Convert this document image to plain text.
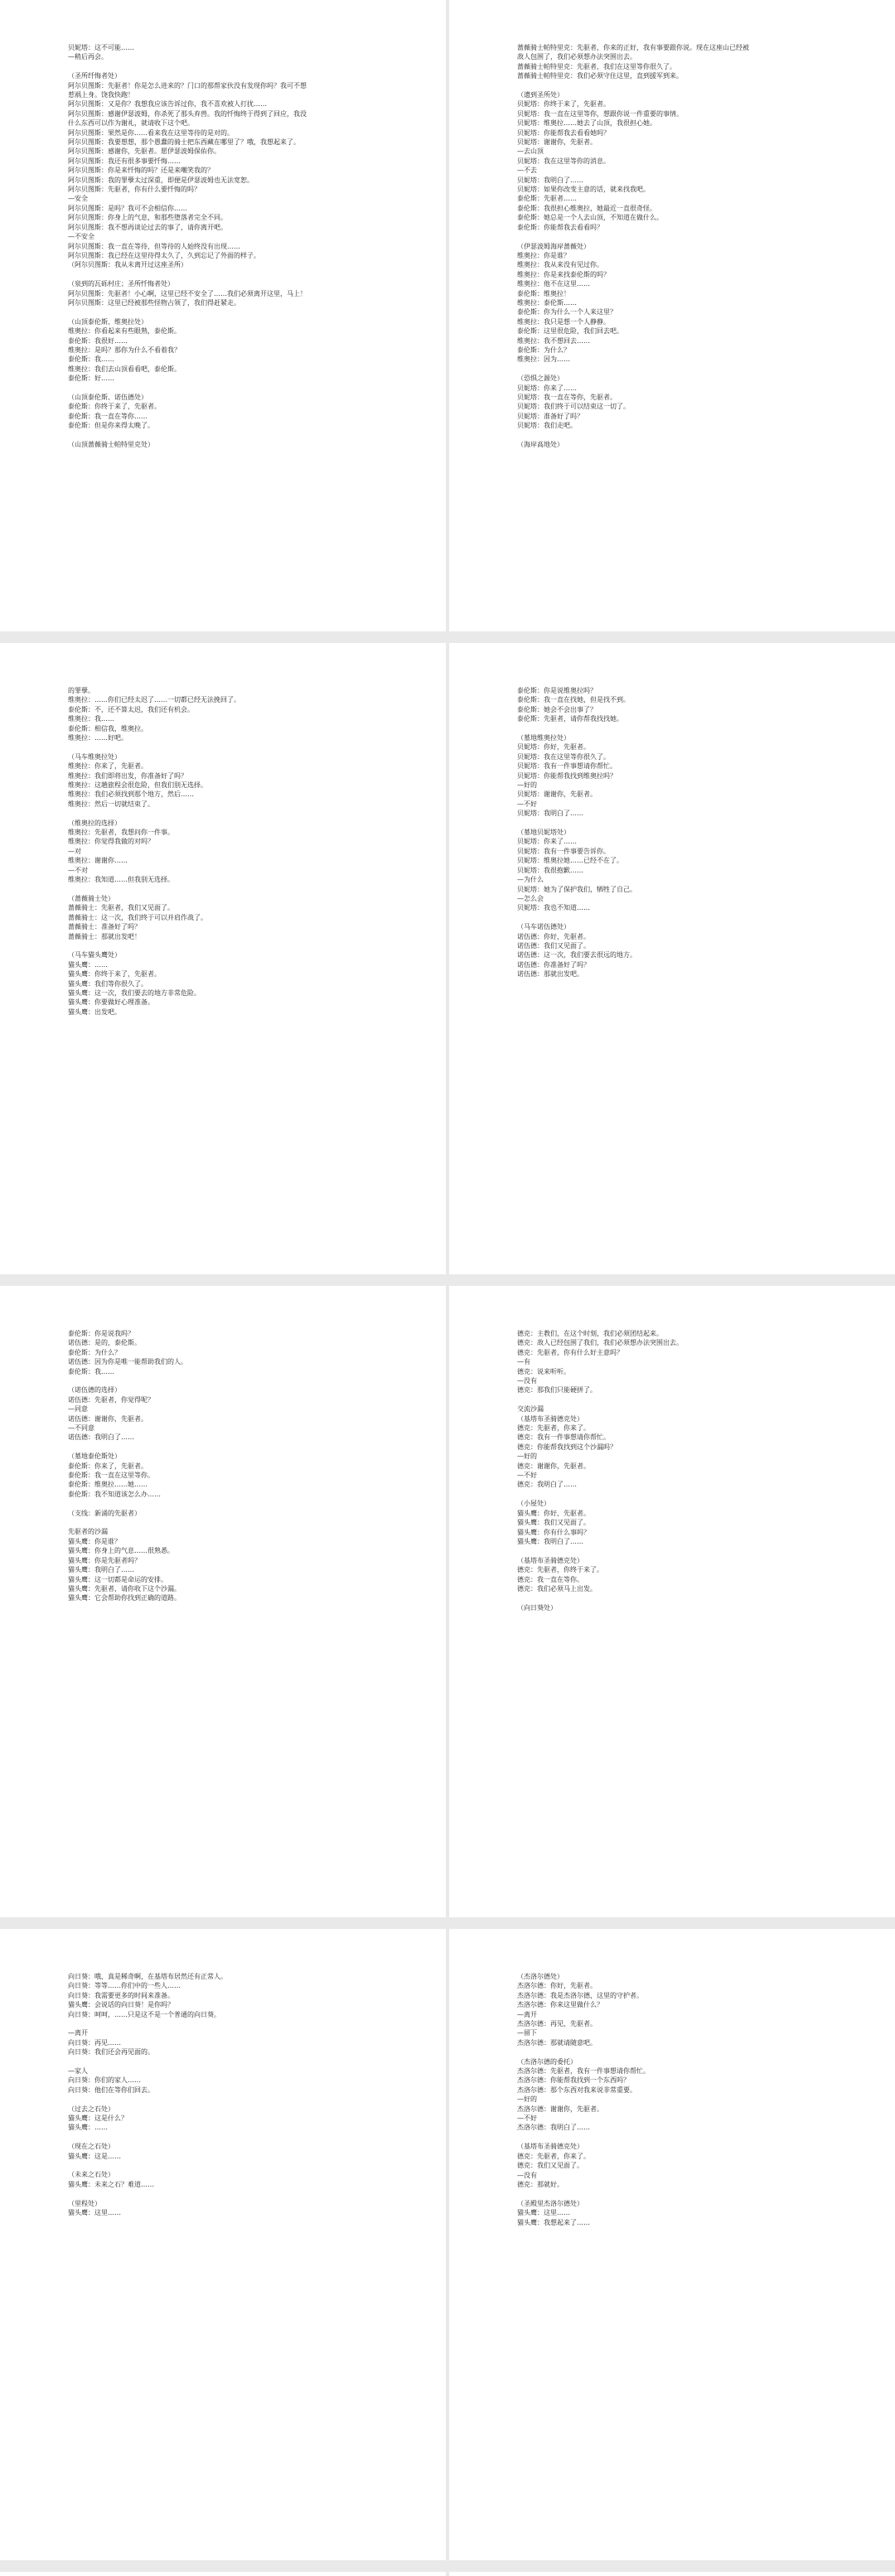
贝妮塔：这不可能……
—稍后再会。
（圣所纤悔者处）
阿尔贝图斯：先驱者！你是怎么进来的？门口的那帮家伙没有发现你吗？我可不想
惹祸上身。饶我快跑！
阿尔贝图斯：又是你？我想我应该告诉过你，我不喜欢被人打扰……
阿尔贝图斯：感谢伊瑟波姆，你杀死了那头弃兽。我的忏悔终于得到了回应，我没
什么东西可以作为谢礼，就请收下这个吧。
阿尔贝图斯：果然是你……看来我在这里等待的是对的。
阿尔贝图斯：我要想想，那个愚蠢的骑士把东西藏在哪里了？哦，我想起来了。
阿尔贝图斯：感谢你，先驱者。愿伊瑟波姆保佑你。
阿尔贝图斯：我还有很多事要忏悔……
阿尔贝图斯：你是来忏悔的吗？还是来嘲笑我的？
阿尔贝图斯：我的罪孽太过深重，即便是伊瑟波姆也无法宽恕。
阿尔贝图斯：先驱者，你有什么要忏悔的吗？
—安全
阿尔贝图斯：是吗？我可不会相信你……
阿尔贝图斯：你身上的气息，和那些堕落者完全不同。
阿尔贝图斯：我不想再谈论过去的事了，请你离开吧。
—不安全
阿尔贝图斯：我一直在等待，但等待的人始终没有出现……
阿尔贝图斯：我已经在这里待得太久了，久到忘记了外面的样子。
（阿尔贝图斯：我从未离开过这座圣所）
（泉到的瓦砾村庄；圣所忏悔者处）
阿尔贝图斯：先驱者！小心啊，这里已经不安全了……我们必须离开这里，马上！
阿尔贝图斯：这里已经被那些怪物占领了，我们得赶紧走。
（山顶泰伦斯、维奥拉处）
维奥拉：你看起来有些眼熟，泰伦斯。
泰伦斯：我很好……
维奥拉：是吗？那你为什么不看着我？
泰伦斯：我……
维奥拉：我们去山顶看看吧，泰伦斯。
泰伦斯：好……
（山顶泰伦斯、诺伍德处）
泰伦斯：你终于来了，先驱者。
泰伦斯：我一直在等你……
泰伦斯：但是你来得太晚了。
（山顶蔷薇骑士帕特里克处）
蔷薇骑士帕特里克：先驱者，你来的正好，我有事要跟你说。现在这座山已经被
敌人包围了，我们必须想办法突围出去。
蔷薇骑士帕特里克：先驱者，我们在这里等你很久了。
蔷薇骑士帕特里克：我们必须守住这里，直到援军到来。
（遗到圣所处）
贝妮塔：你终于来了，先驱者。
贝妮塔：我一直在这里等你，想跟你说一件重要的事情。
贝妮塔：维奥拉……她去了山顶，我很担心她。
贝妮塔：你能帮我去看看她吗？
贝妮塔：谢谢你，先驱者。
—去山顶
贝妮塔：我在这里等你的消息。
—不去
贝妮塔：我明白了……
贝妮塔：如果你改变主意的话，就来找我吧。
泰伦斯：先驱者……
泰伦斯：我很担心维奥拉，她最近一直很奇怪。
泰伦斯：她总是一个人去山顶，不知道在做什么。
泰伦斯：你能帮我去看看吗？
（伊瑟波姆海岸蔷薇处）
维奥拉：你是谁？
维奥拉：我从来没有见过你。
维奥拉：你是来找泰伦斯的吗？
维奥拉：他不在这里……
泰伦斯：维奥拉！
维奥拉：泰伦斯……
泰伦斯：你为什么一个人来这里？
维奥拉：我只是想一个人静静。
泰伦斯：这里很危险，我们回去吧。
维奥拉：我不想回去……
泰伦斯：为什么？
维奥拉：因为……
（恐惧之源处）
贝妮塔：你来了……
贝妮塔：我一直在等你，先驱者。
贝妮塔：我们终于可以结束这一切了。
贝妮塔：准备好了吗？
贝妮塔：我们走吧。
（海岸高地处）
的罪孽。
维奥拉：……你们已经太迟了……一切都已经无法挽回了。
泰伦斯：不，还不算太迟，我们还有机会。
维奥拉：我……
泰伦斯：相信我，维奥拉。
维奥拉：……好吧。
（马车维奥拉处）
维奥拉：你来了，先驱者。
维奥拉：我们即将出发，你准备好了吗？
维奥拉：这趟旅程会很危险，但我们别无选择。
维奥拉：我们必须找到那个地方，然后……
维奥拉：然后一切就结束了。
（维奥拉的选择）
维奥拉：先驱者，我想问你一件事。
维奥拉：你觉得我做的对吗？
—对
维奥拉：谢谢你……
—不对
维奥拉：我知道……但我别无选择。
（蔷薇骑士处）
蔷薇骑士：先驱者，我们又见面了。
蔷薇骑士：这一次，我们终于可以并肩作战了。
蔷薇骑士：准备好了吗？
蔷薇骑士：那就出发吧！
（马车猫头鹰处）
猫头鹰：……
猫头鹰：你终于来了，先驱者。
猫头鹰：我们等你很久了。
猫头鹰：这一次，我们要去的地方非常危险。
猫头鹰：你要做好心理准备。
猫头鹰：出发吧。
泰伦斯：你是说维奥拉吗？
泰伦斯：我一直在找她，但是找不到。
泰伦斯：她会不会出事了？
泰伦斯：先驱者，请你帮我找找她。
（墓地维奥拉处）
贝妮塔：你好，先驱者。
贝妮塔：我在这里等你很久了。
贝妮塔：我有一件事想请你帮忙。
贝妮塔：你能帮我找到维奥拉吗？
—好的
贝妮塔：谢谢你，先驱者。
—不好
贝妮塔：我明白了……
（墓地贝妮塔处）
贝妮塔：你来了……
贝妮塔：我有一件事要告诉你。
贝妮塔：维奥拉她……已经不在了。
贝妮塔：我很抱歉……
—为什么
贝妮塔：她为了保护我们，牺牲了自己。
—怎么会
贝妮塔：我也不知道……
（马车诺伍德处）
诺伍德：你好，先驱者。
诺伍德：我们又见面了。
诺伍德：这一次，我们要去很远的地方。
诺伍德：你准备好了吗？
诺伍德：那就出发吧。
泰伦斯：你是说我吗？
诺伍德：是的，泰伦斯。
泰伦斯：为什么？
诺伍德：因为你是唯一能帮助我们的人。
泰伦斯：我……
（诺伍德的选择）
诺伍德：先驱者，你觉得呢？
—同意
诺伍德：谢谢你，先驱者。
—不同意
诺伍德：我明白了……
（墓地泰伦斯处）
泰伦斯：你来了，先驱者。
泰伦斯：我一直在这里等你。
泰伦斯：维奥拉……她……
泰伦斯：我不知道该怎么办……
（支线：新涌的先驱者）
先驱者的沙漏
猫头鹰：你是谁？
猫头鹰：你身上的气息……很熟悉。
猫头鹰：你是先驱者吗？
猫头鹰：我明白了……
猫头鹰：这一切都是命运的安排。
猫头鹰：先驱者，请你收下这个沙漏。
猫头鹰：它会帮助你找到正确的道路。
德克：主教们，在这个时刻，我们必须团结起来。
德克：敌人已经包围了我们，我们必须想办法突围出去。
德克：先驱者，你有什么好主意吗？
—有
德克：说来听听。
—没有
德克：那我们只能硬拼了。
交流沙漏
（基塔布圣骑德克处）
德克：先驱者，你来了。
德克：我有一件事想请你帮忙。
德克：你能帮我找到这个沙漏吗？
—好的
德克：谢谢你，先驱者。
—不好
德克：我明白了……
（小屋处）
猫头鹰：你好，先驱者。
猫头鹰：我们又见面了。
猫头鹰：你有什么事吗？
猫头鹰：我明白了……
（基塔布圣骑德克处）
德克：先驱者，你终于来了。
德克：我一直在等你。
德克：我们必须马上出发。
（向日葵处）
向日葵：哦，真是稀奇啊，在基塔布居然还有正常人。
向日葵：等等……你们中的一些人……
向日葵：我需要更多的时间来准备。
猫头鹰：会说话的向日葵！是你吗？
向日葵：呵呵，……只是这不是一个普通的向日葵。
—离开
向日葵：再见……
向日葵：我们还会再见面的。
—家人
向日葵：你们的家人……
向日葵：他们在等你们回去。
（过去之石处）
猫头鹰：这是什么？
猫头鹰：……
（现在之石处）
猫头鹰：这是……
（未来之石处）
猫头鹰：未来之石？难道……
（里程处）
猫头鹰：这里……
（杰洛尔德处）
杰洛尔德：你好，先驱者。
杰洛尔德：我是杰洛尔德，这里的守护者。
杰洛尔德：你来这里做什么？
—离开
杰洛尔德：再见，先驱者。
—留下
杰洛尔德：那就请随意吧。
（杰洛尔德的委托）
杰洛尔德：先驱者，我有一件事想请你帮忙。
杰洛尔德：你能帮我找到一个东西吗？
杰洛尔德：那个东西对我来说非常重要。
—好的
杰洛尔德：谢谢你，先驱者。
—不好
杰洛尔德：我明白了……
（基塔布圣骑德克处）
德克：先驱者，你来了。
德克：我们又见面了。
—没有
德克：那就好。
（圣殿里杰洛尔德处）
猫头鹰：这里……
猫头鹰：我想起来了……
